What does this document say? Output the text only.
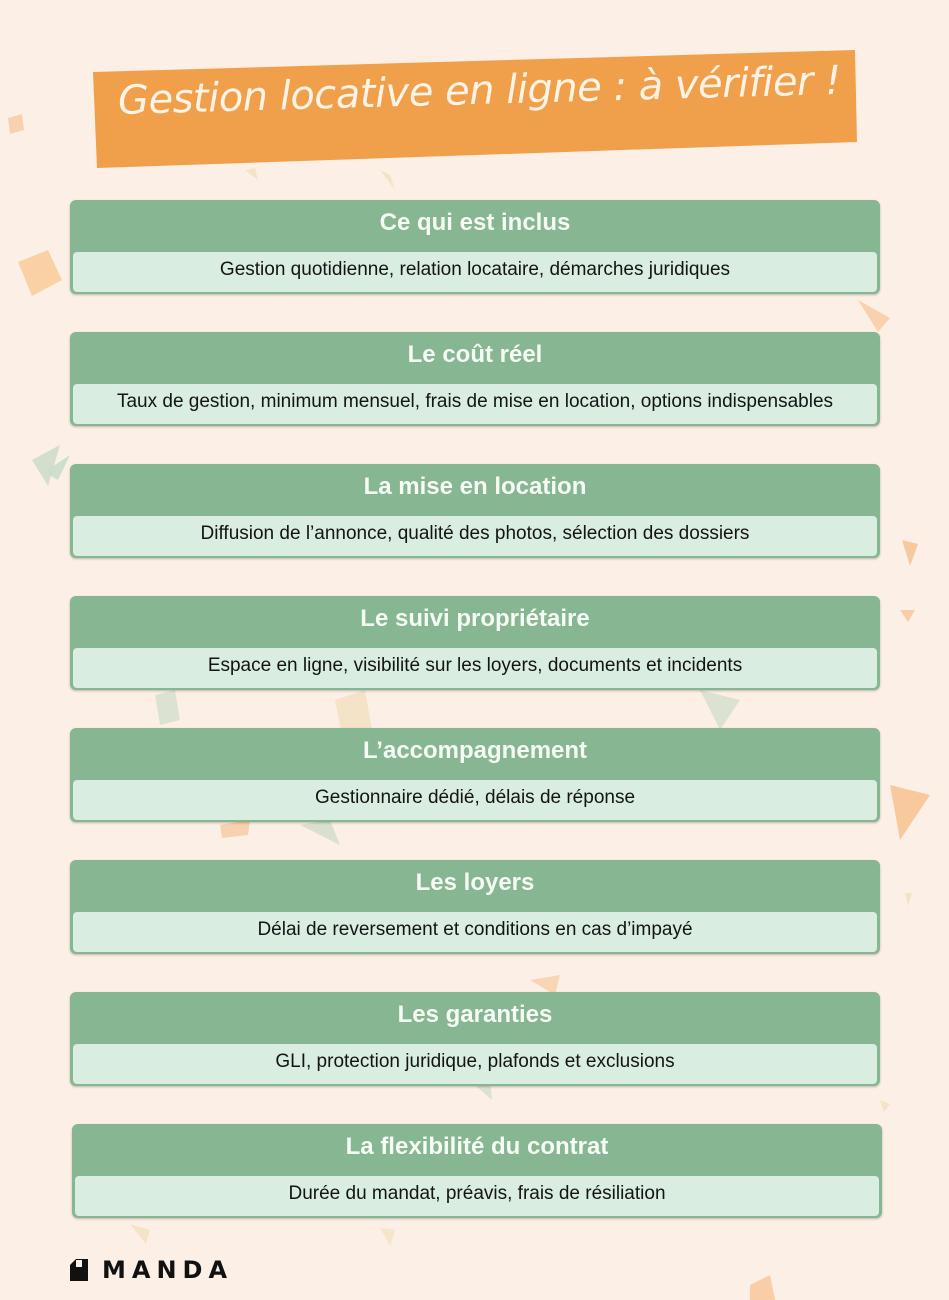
Gestion locative en ligne : à vérifier !
Ce qui est inclus
Gestion quotidienne, relation locataire, démarches juridiques
Le coût réel
Taux de gestion, minimum mensuel, frais de mise en location, options indispensables
La mise en location
Diffusion de l’annonce, qualité des photos, sélection des dossiers
Le suivi propriétaire
Espace en ligne, visibilité sur les loyers, documents et incidents
L’accompagnement
Gestionnaire dédié, délais de réponse
Les loyers
Délai de reversement et conditions en cas d’impayé
Les garanties
GLI, protection juridique, plafonds et exclusions
La flexibilité du contrat
Durée du mandat, préavis, frais de résiliation
MANDA
